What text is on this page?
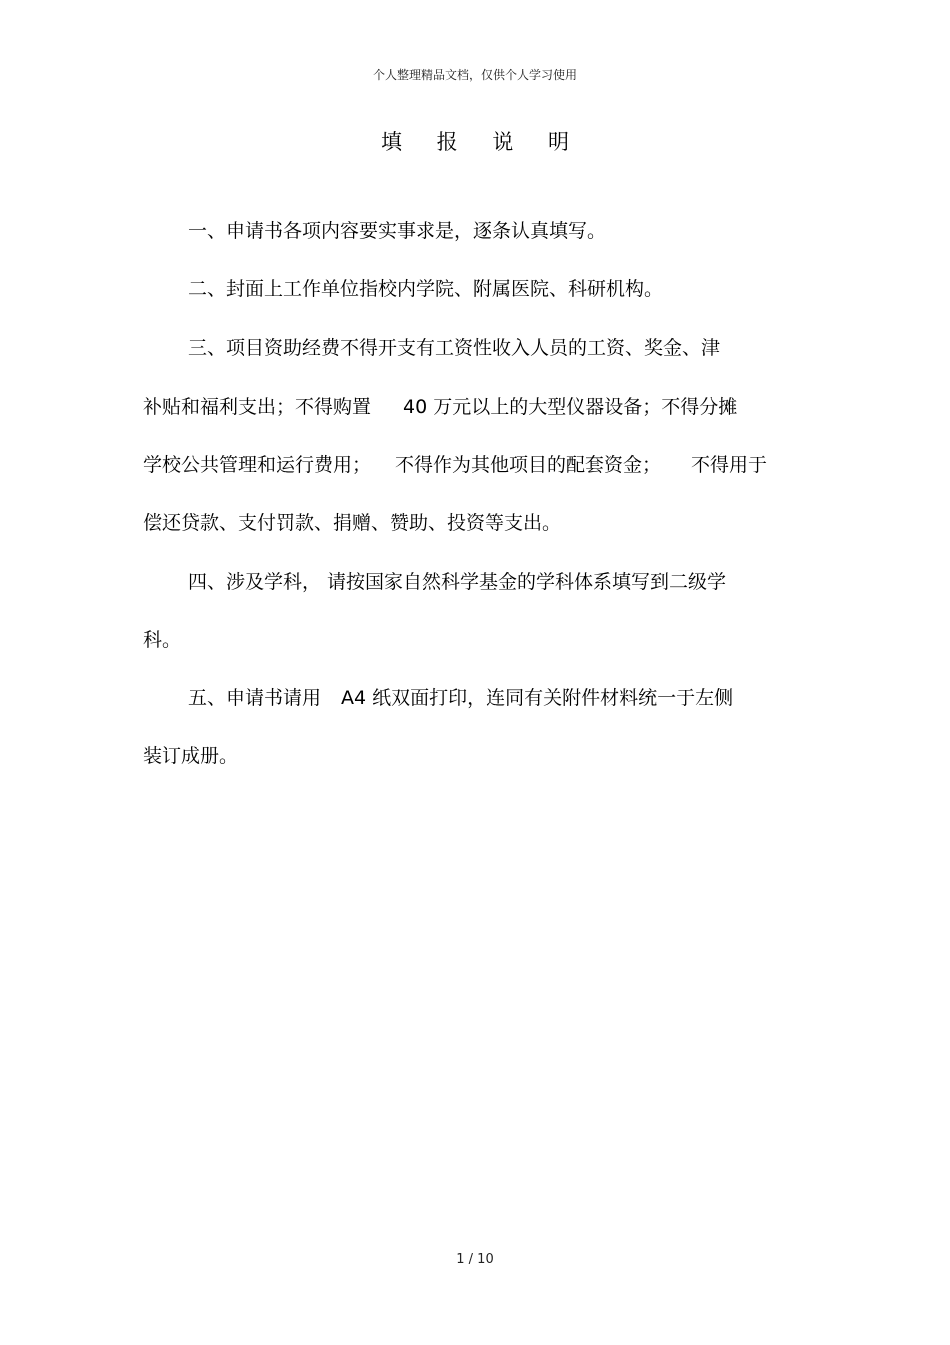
个人整理精品文档，仅供个人学习使用
填 报 说 明
一、申请书各项内容要实事求是，逐条认真填写。
二、封面上工作单位指校内学院、附属医院、科研机构。
三、项目资助经费不得开支有工资性收入人员的工资、奖金、津
补贴和福利支出；不得购置 40 万元以上的大型仪器设备；不得分摊
学校公共管理和运行费用； 不得作为其他项目的配套资金； 不得用于
偿还贷款、支付罚款、捐赠、赞助、投资等支出。
四、涉及学科， 请按国家自然科学基金的学科体系填写到二级学
科。
五、申请书请用 A4 纸双面打印，连同有关附件材料统一于左侧
装订成册。
1 / 10
